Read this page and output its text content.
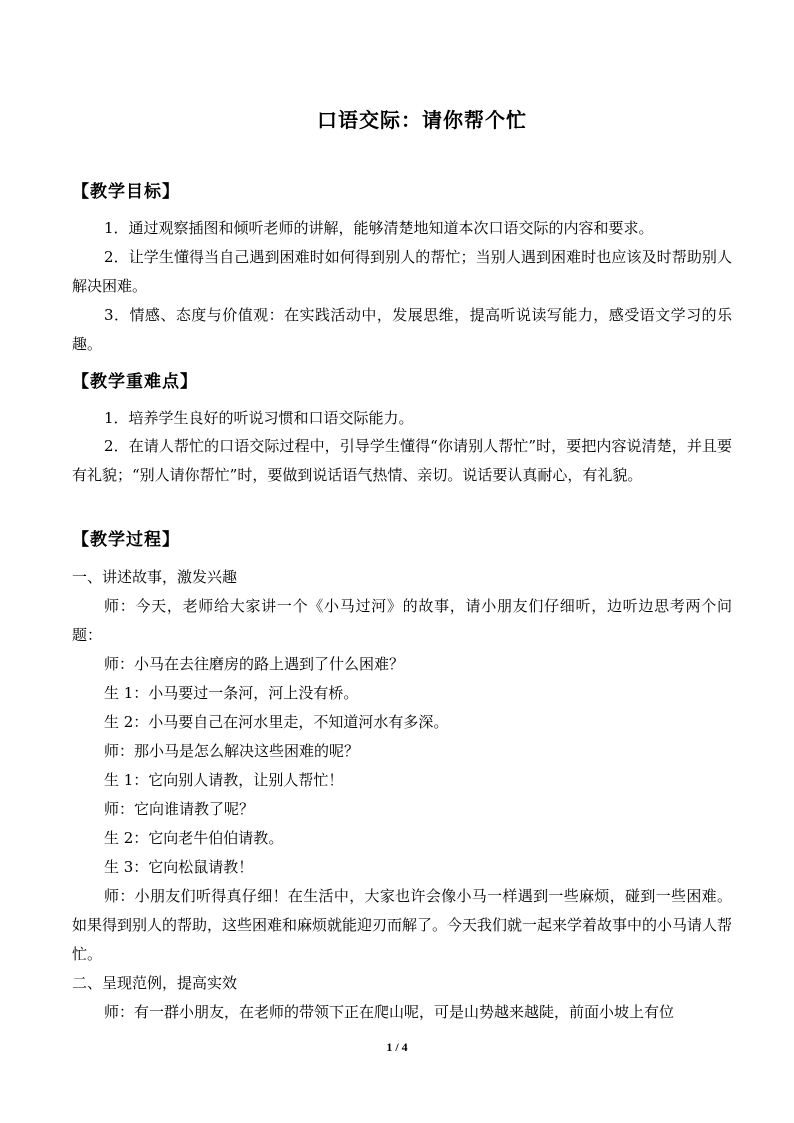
口语交际：请你帮个忙
【教学目标】
1．通过观察插图和倾听老师的讲解，能够清楚地知道本次口语交际的内容和要求。
2．让学生懂得当自己遇到困难时如何得到别人的帮忙；当别人遇到困难时也应该及时帮助别人解决困难。
3．情感、态度与价值观：在实践活动中，发展思维，提高听说读写能力，感受语文学习的乐趣。
【教学重难点】
1．培养学生良好的听说习惯和口语交际能力。
2．在请人帮忙的口语交际过程中，引导学生懂得“你请别人帮忙”时，要把内容说清楚，并且要有礼貌；“别人请你帮忙”时，要做到说话语气热情、亲切。说话要认真耐心，有礼貌。
【教学过程】
一、讲述故事，激发兴趣
师：今天，老师给大家讲一个《小马过河》的故事，请小朋友们仔细听，边听边思考两个问题：
师：小马在去往磨房的路上遇到了什么困难？
生 1：小马要过一条河，河上没有桥。
生 2：小马要自己在河水里走，不知道河水有多深。
师：那小马是怎么解决这些困难的呢？
生 1：它向别人请教，让别人帮忙！
师：它向谁请教了呢？
生 2：它向老牛伯伯请教。
生 3：它向松鼠请教！
师：小朋友们听得真仔细！在生活中，大家也许会像小马一样遇到一些麻烦，碰到一些困难。如果得到别人的帮助，这些困难和麻烦就能迎刃而解了。今天我们就一起来学着故事中的小马请人帮忙。
二、呈现范例，提高实效
师：有一群小朋友，在老师的带领下正在爬山呢，可是山势越来越陡，前面小坡上有位
1 / 4
